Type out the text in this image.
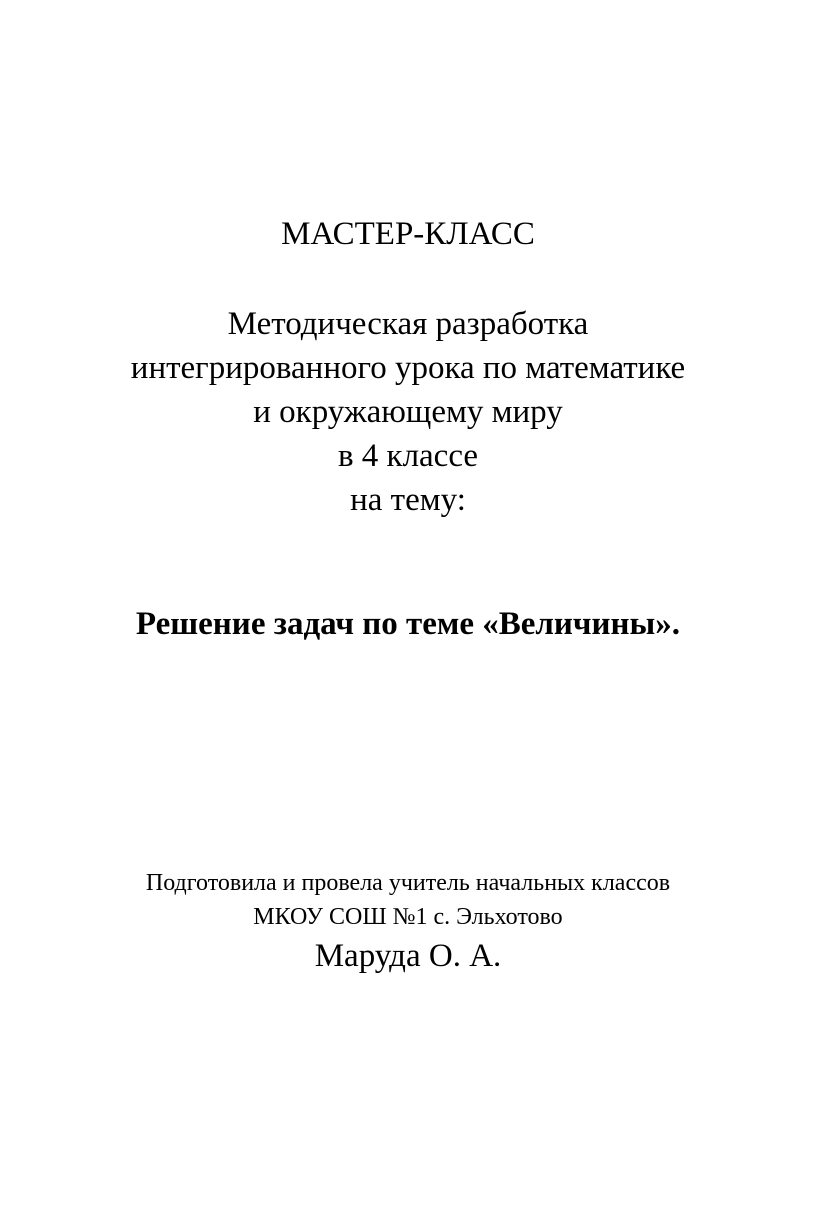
МАСТЕР-КЛАСС
Методическая разработка
интегрированного урока по математике
и окружающему миру
в 4 классе
на тему:
Решение задач по теме «Величины».
Подготовила и провела учитель начальных классов
МКОУ СОШ №1 с. Эльхотово
Маруда О. А.
